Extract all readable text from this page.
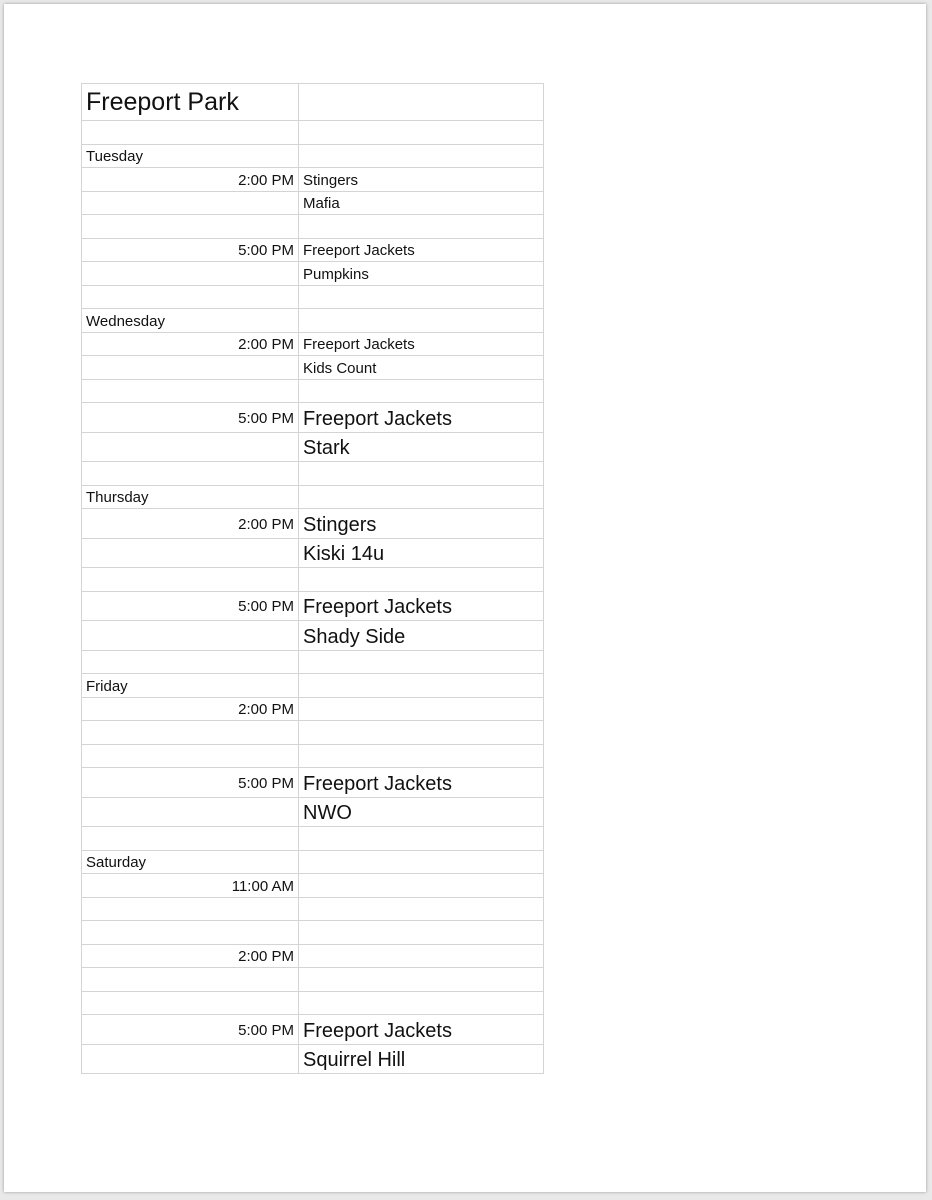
Freeport Park	

Tuesday	
2:00 PM	Stingers
	Mafia

5:00 PM	Freeport Jackets
	Pumpkins

Wednesday	
2:00 PM	Freeport Jackets
	Kids Count

5:00 PM	Freeport Jackets
	Stark

Thursday	
2:00 PM	Stingers
	Kiski 14u

5:00 PM	Freeport Jackets
	Shady Side

Friday	
2:00 PM	

5:00 PM	Freeport Jackets
	NWO

Saturday	
11:00 AM	

2:00 PM	

5:00 PM	Freeport Jackets
	Squirrel Hill
